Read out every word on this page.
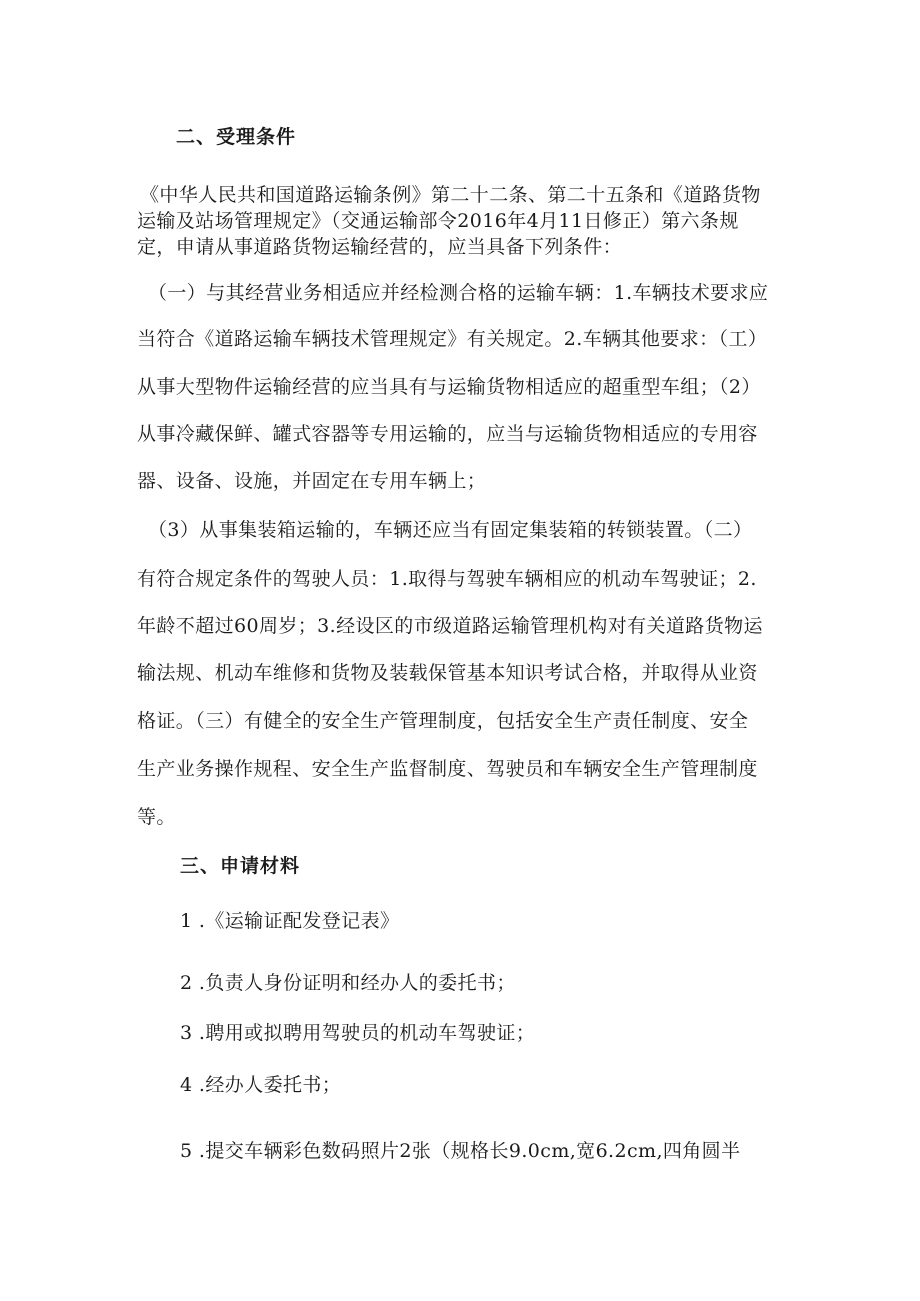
二、受理条件
《中华人民共和国道路运输条例》第二十二条、第二十五条和《道路货物
运输及站场管理规定》（交通运输部令2016年4月11日修正）第六条规
定，申请从事道路货物运输经营的，应当具备下列条件：
（一）与其经营业务相适应并经检测合格的运输车辆：1.车辆技术要求应
当符合《道路运输车辆技术管理规定》有关规定。2.车辆其他要求：（工）
从事大型物件运输经营的应当具有与运输货物相适应的超重型车组；（2）
从事冷藏保鲜、罐式容器等专用运输的，应当与运输货物相适应的专用容
器、设备、设施，并固定在专用车辆上；
（3）从事集装箱运输的，车辆还应当有固定集装箱的转锁装置。（二）
有符合规定条件的驾驶人员：1.取得与驾驶车辆相应的机动车驾驶证；2.
年龄不超过60周岁；3.经设区的市级道路运输管理机构对有关道路货物运
输法规、机动车维修和货物及装载保管基本知识考试合格，并取得从业资
格证。（三）有健全的安全生产管理制度，包括安全生产责任制度、安全
生产业务操作规程、安全生产监督制度、驾驶员和车辆安全生产管理制度
等。
三、申请材料
1 .《运输证配发登记表》
2 .负责人身份证明和经办人的委托书；
3 .聘用或拟聘用驾驶员的机动车驾驶证；
4 .经办人委托书；
5 .提交车辆彩色数码照片2张（规格长9.0cm,宽6.2cm,四角圆半
